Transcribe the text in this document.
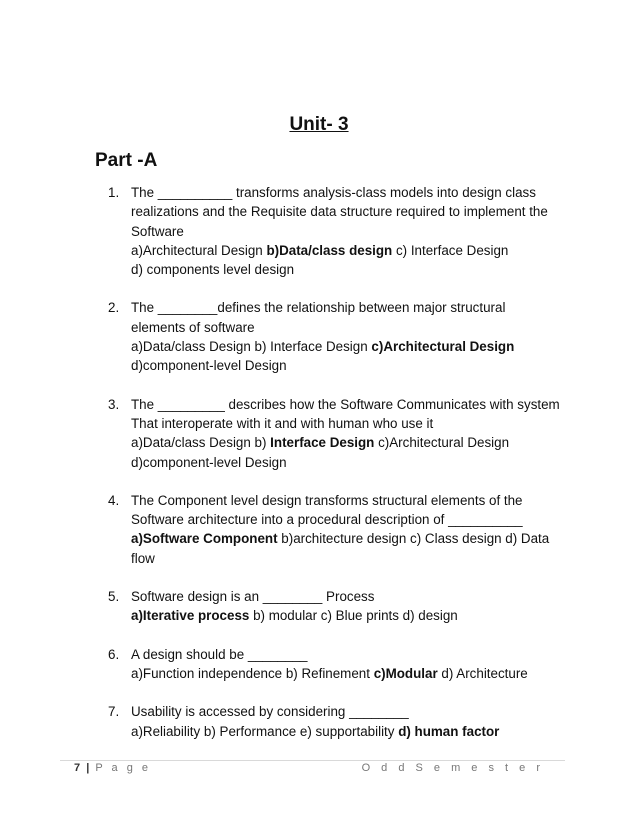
Unit- 3
Part -A
1. The __________ transforms analysis-class models into design class
realizations and the Requisite data structure required to implement the
Software
a)Architectural Design b)Data/class design c) Interface Design
d) components level design
2. The ________defines the relationship between major structural
elements of software
a)Data/class Design b) Interface Design c)Architectural Design
d)component-level Design
3. The _________ describes how the Software Communicates with system
That interoperate with it and with human who use it
a)Data/class Design b) Interface Design c)Architectural Design
d)component-level Design
4. The Component level design transforms structural elements of the
Software architecture into a procedural description of __________
a)Software Component b)architecture design c) Class design d) Data
flow
5. Software design is an ________ Process
a)Iterative process b) modular c) Blue prints d) design
6. A design should be ________
a)Function independence b) Refinement c)Modular d) Architecture
7. Usability is accessed by considering ________
a)Reliability b) Performance e) supportability d) human factor
7 | P a g e	O d d S e m e s t e r
